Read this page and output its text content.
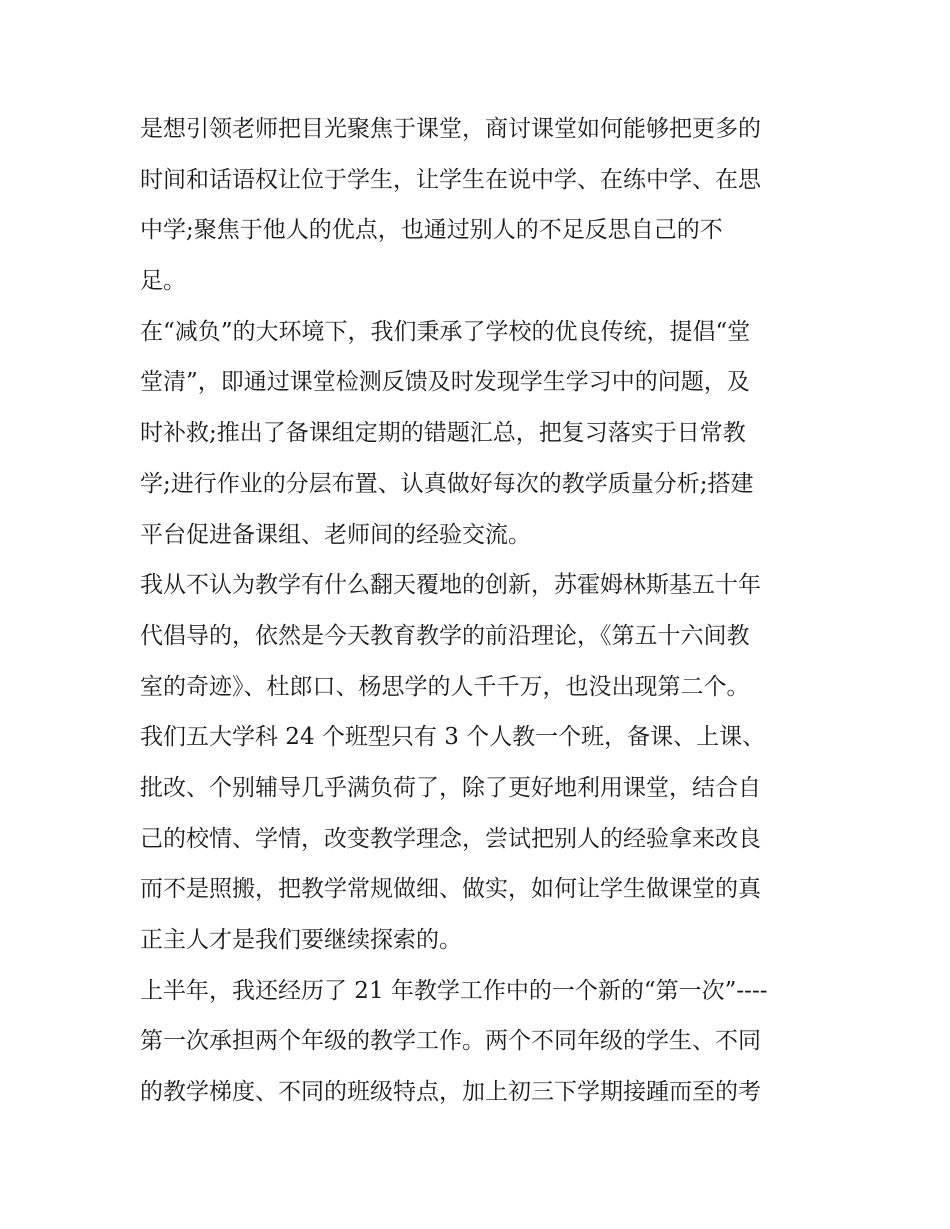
是想引领老师把目光聚焦于课堂，商讨课堂如何能够把更多的
时间和话语权让位于学生，让学生在说中学、在练中学、在思
中学;聚焦于他人的优点，也通过别人的不足反思自己的不
足。
在“减负”的大环境下，我们秉承了学校的优良传统，提倡“堂
堂清”，即通过课堂检测反馈及时发现学生学习中的问题，及
时补救;推出了备课组定期的错题汇总，把复习落实于日常教
学;进行作业的分层布置、认真做好每次的教学质量分析;搭建
平台促进备课组、老师间的经验交流。
我从不认为教学有什么翻天覆地的创新，苏霍姆林斯基五十年
代倡导的，依然是今天教育教学的前沿理论，《第五十六间教
室的奇迹》、杜郎口、杨思学的人千千万，也没出现第二个。
我们五大学科 24 个班型只有 3 个人教一个班，备课、上课、
批改、个别辅导几乎满负荷了，除了更好地利用课堂，结合自
己的校情、学情，改变教学理念，尝试把别人的经验拿来改良
而不是照搬，把教学常规做细、做实，如何让学生做课堂的真
正主人才是我们要继续探索的。
上半年，我还经历了 21 年教学工作中的一个新的“第一次”----
第一次承担两个年级的教学工作。两个不同年级的学生、不同
的教学梯度、不同的班级特点，加上初三下学期接踵而至的考
